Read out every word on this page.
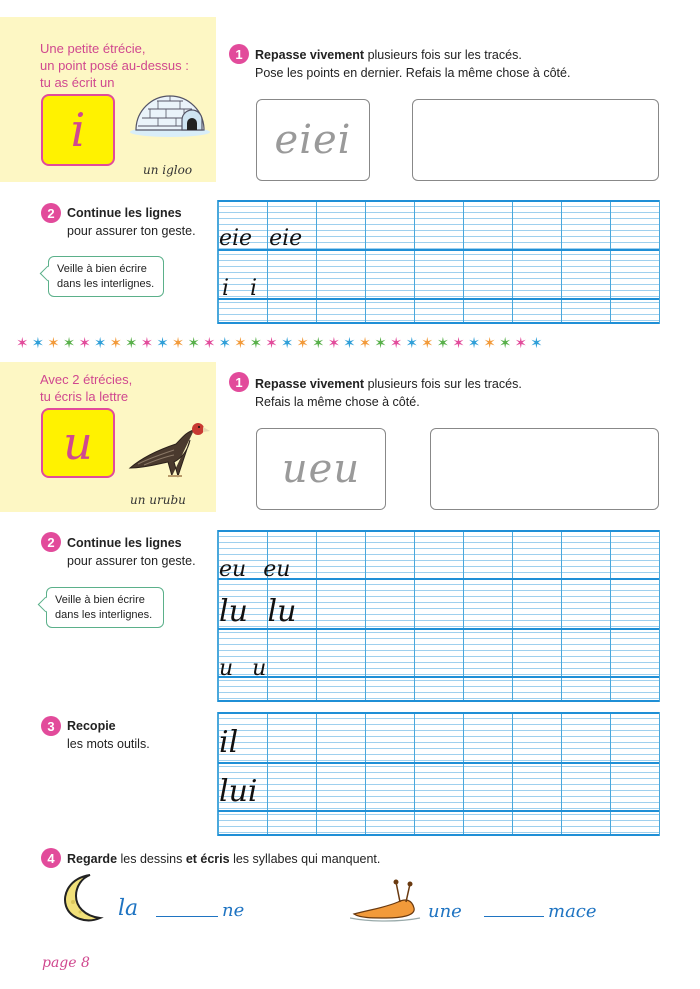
Une petite étrécie,
un point posé au-dessus :
tu as écrit un
i
un igloo
1 Repasse vivement plusieurs fois sur les tracés.
Pose les points en dernier. Refais la même chose à côté.
eiei
2 Continue les lignes
pour assurer ton geste.
Veille à bien écrire
dans les interlignes.
eie eie
i i
✶✶✶✶✶✶✶✶✶✶✶✶✶✶✶✶✶✶✶✶✶✶✶✶✶✶✶✶✶✶✶✶✶✶
Avec 2 étrécies,
tu écris la lettre
u
un urubu
1 Repasse vivement plusieurs fois sur les tracés.
Refais la même chose à côté.
ueu
2 Continue les lignes
pour assurer ton geste.
Veille à bien écrire
dans les interlignes.
eu eu
lu lu
u u
3 Recopie
les mots outils.	il
lui
4 Regarde les dessins et écris les syllabes qui manquent.
la	ne	une	mace
page 8
